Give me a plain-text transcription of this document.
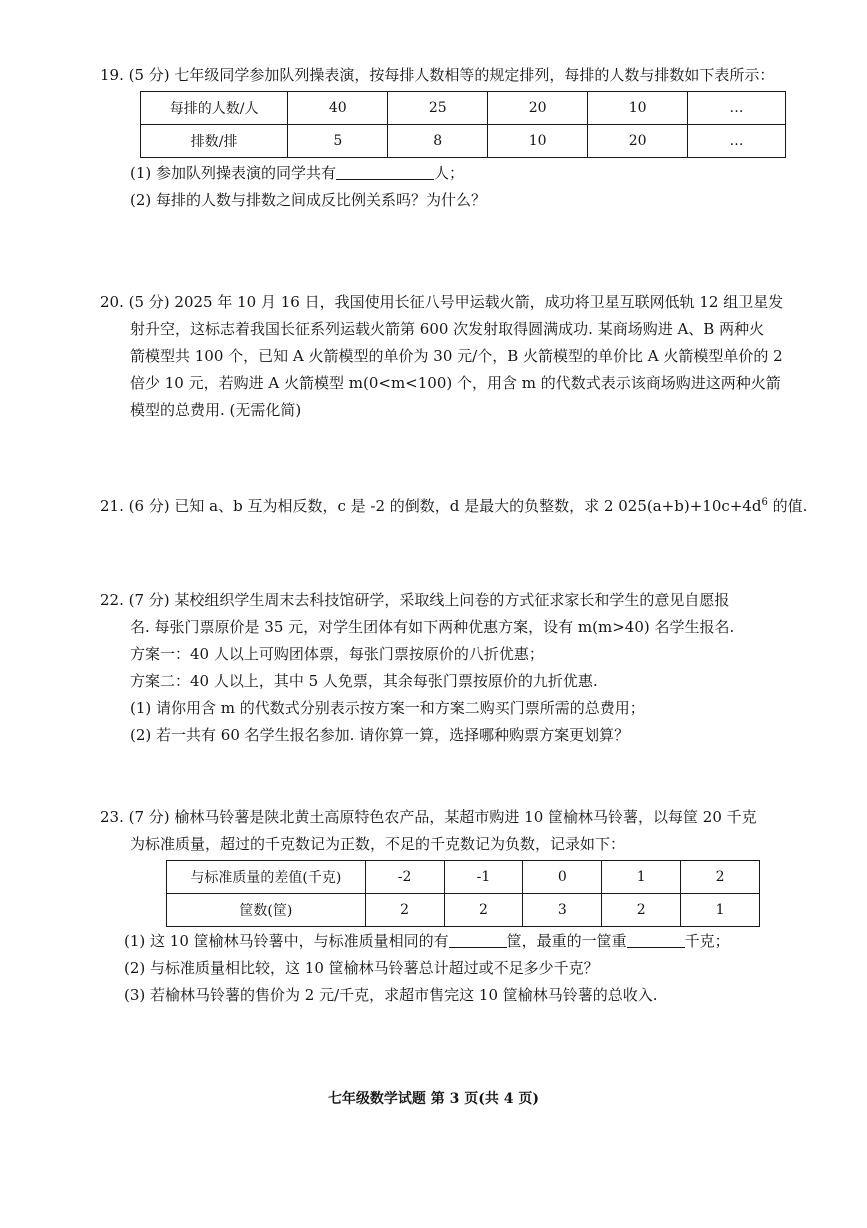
19. (5 分) 七年级同学参加队列操表演，按每排人数相等的规定排列，每排的人数与排数如下表所示：
每排的人数/人	40	25	20	10	…
排数/排	5	8	10	20	…
(1) 参加队列操表演的同学共有	人；
(2) 每排的人数与排数之间成反比例关系吗？为什么？
20. (5 分) 2025 年 10 月 16 日，我国使用长征八号甲运载火箭，成功将卫星互联网低轨 12 组卫星发
射升空，这标志着我国长征系列运载火箭第 600 次发射取得圆满成功. 某商场购进 A、B 两种火
箭模型共 100 个，已知 A 火箭模型的单价为 30 元/个，B 火箭模型的单价比 A 火箭模型单价的 2
倍少 10 元，若购进 A 火箭模型 m(0<m<100) 个，用含 m 的代数式表示该商场购进这两种火箭
模型的总费用. (无需化简)
21. (6 分) 已知 a、b 互为相反数，c 是 -2 的倒数，d 是最大的负整数，求 2 $025(a+b)+10c+4d^6$ 的值.
22. (7 分) 某校组织学生周末去科技馆研学，采取线上问卷的方式征求家长和学生的意见自愿报
名. 每张门票原价是 35 元，对学生团体有如下两种优惠方案，设有 m(m>40) 名学生报名.
方案一：40 人以上可购团体票，每张门票按原价的八折优惠；
方案二：40 人以上，其中 5 人免票，其余每张门票按原价的九折优惠.
(1) 请你用含 m 的代数式分别表示按方案一和方案二购买门票所需的总费用；
(2) 若一共有 60 名学生报名参加. 请你算一算，选择哪种购票方案更划算？
23. (7 分) 榆林马铃薯是陕北黄土高原特色农产品，某超市购进 10 筐榆林马铃薯，以每筐 20 千克
为标准质量，超过的千克数记为正数，不足的千克数记为负数，记录如下：
与标准质量的差值(千克)	-2	-1	0	1	2
筐数(筐)	2	2	3	2	1
(1) 这 10 筐榆林马铃薯中，与标准质量相同的有	筐，最重的一筐重	千克；
(2) 与标准质量相比较，这 10 筐榆林马铃薯总计超过或不足多少千克？
(3) 若榆林马铃薯的售价为 2 元/千克，求超市售完这 10 筐榆林马铃薯的总收入.
七年级数学试题 第 3 页(共 4 页)
